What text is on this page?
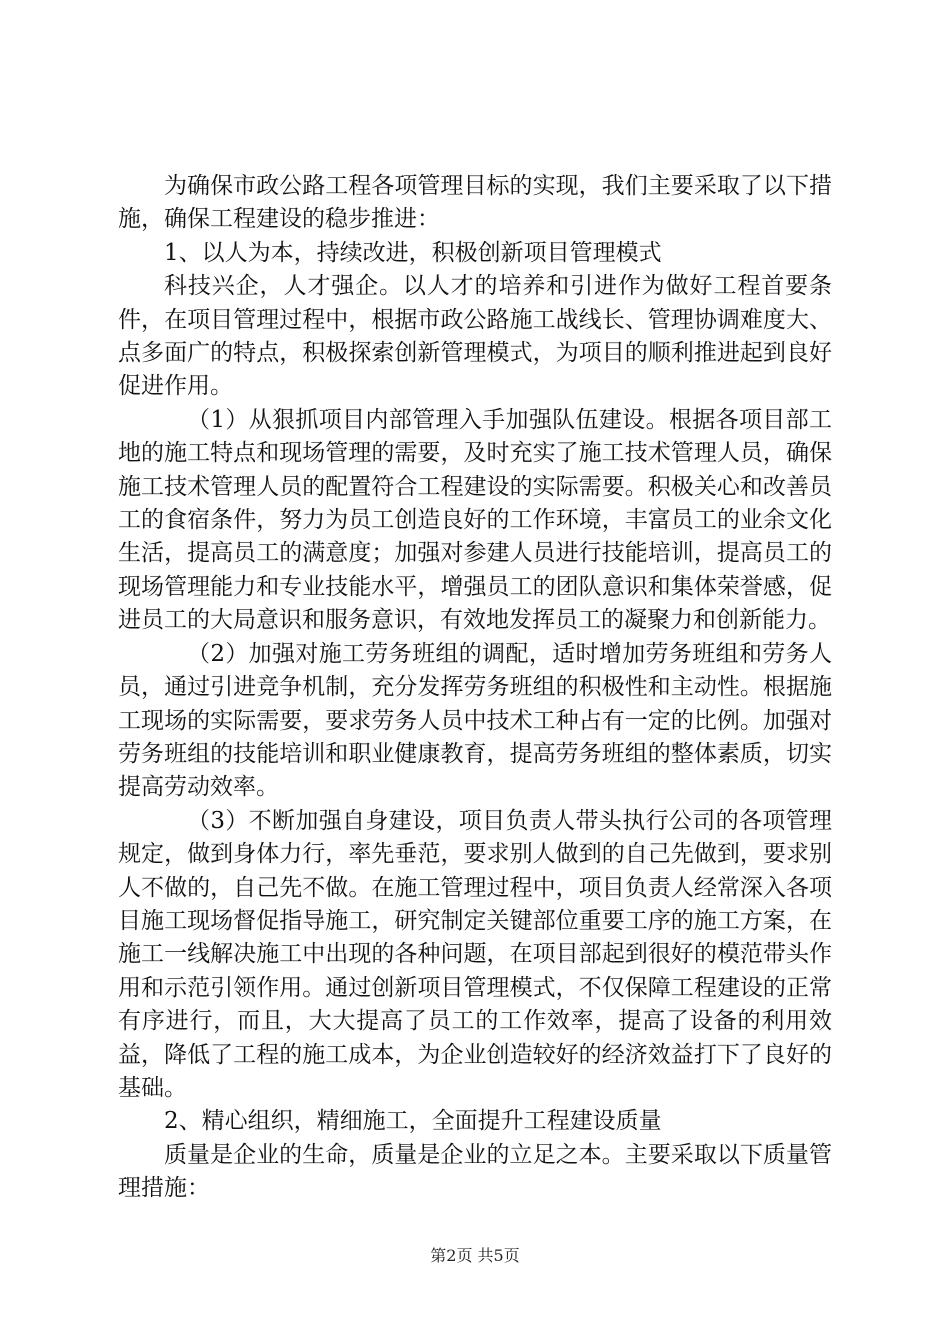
为确保市政公路工程各项管理目标的实现，我们主要采取了以下措施，确保工程建设的稳步推进：

1、以人为本，持续改进，积极创新项目管理模式

科技兴企，人才强企。以人才的培养和引进作为做好工程首要条件，在项目管理过程中，根据市政公路施工战线长、管理协调难度大、点多面广的特点，积极探索创新管理模式，为项目的顺利推进起到良好促进作用。

（1）从狠抓项目内部管理入手加强队伍建设。根据各项目部工地的施工特点和现场管理的需要，及时充实了施工技术管理人员，确保施工技术管理人员的配置符合工程建设的实际需要。积极关心和改善员工的食宿条件，努力为员工创造良好的工作环境，丰富员工的业余文化生活，提高员工的满意度；加强对参建人员进行技能培训，提高员工的现场管理能力和专业技能水平，增强员工的团队意识和集体荣誉感，促进员工的大局意识和服务意识，有效地发挥员工的凝聚力和创新能力。

（2）加强对施工劳务班组的调配，适时增加劳务班组和劳务人员，通过引进竞争机制，充分发挥劳务班组的积极性和主动性。根据施工现场的实际需要，要求劳务人员中技术工种占有一定的比例。加强对劳务班组的技能培训和职业健康教育，提高劳务班组的整体素质，切实提高劳动效率。

（3）不断加强自身建设，项目负责人带头执行公司的各项管理规定，做到身体力行，率先垂范，要求别人做到的自己先做到，要求别人不做的，自己先不做。在施工管理过程中，项目负责人经常深入各项目施工现场督促指导施工，研究制定关键部位重要工序的施工方案，在施工一线解决施工中出现的各种问题，在项目部起到很好的模范带头作用和示范引领作用。通过创新项目管理模式，不仅保障工程建设的正常有序进行，而且，大大提高了员工的工作效率，提高了设备的利用效益，降低了工程的施工成本，为企业创造较好的经济效益打下了良好的基础。

2、精心组织，精细施工，全面提升工程建设质量

质量是企业的生命，质量是企业的立足之本。主要采取以下质量管理措施：

第2页 共5页
